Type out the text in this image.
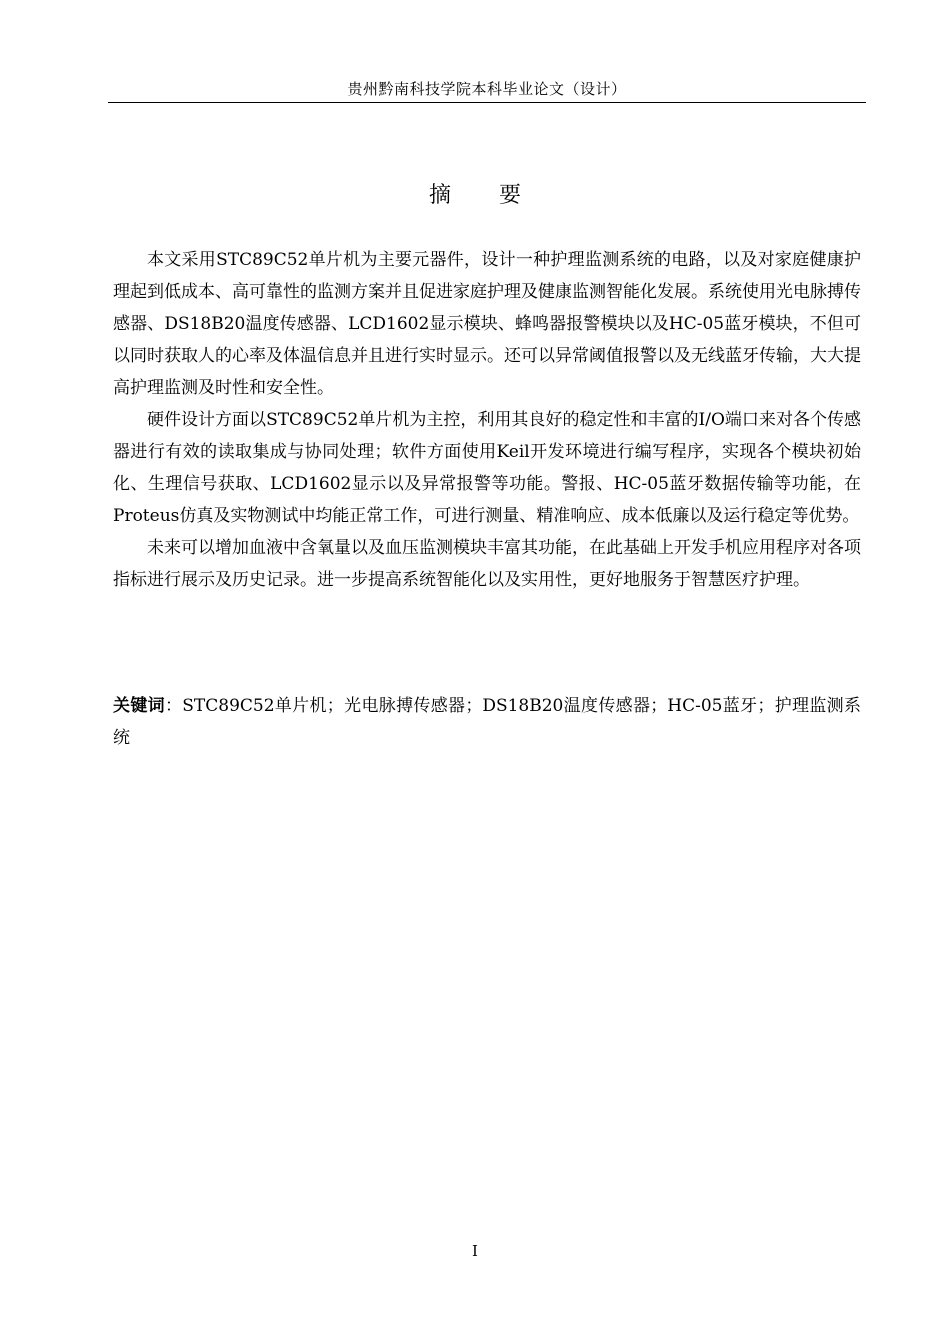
贵州黔南科技学院本科毕业论文（设计）
摘 要

本文采用STC89C52单片机为主要元器件，设计一种护理监测系统的电路，以及对家庭健康护理起到低成本、高可靠性的监测方案并且促进家庭护理及健康监测智能化发展。系统使用光电脉搏传感器、DS18B20温度传感器、LCD1602显示模块、蜂鸣器报警模块以及HC-05蓝牙模块，不但可以同时获取人的心率及体温信息并且进行实时显示。还可以异常阈值报警以及无线蓝牙传输，大大提高护理监测及时性和安全性。

硬件设计方面以STC89C52单片机为主控，利用其良好的稳定性和丰富的I/O端口来对各个传感器进行有效的读取集成与协同处理；软件方面使用Keil开发环境进行编写程序，实现各个模块初始化、生理信号获取、LCD1602显示以及异常报警等功能。警报、HC-05蓝牙数据传输等功能，在Proteus仿真及实物测试中均能正常工作，可进行测量、精准响应、成本低廉以及运行稳定等优势。

未来可以增加血液中含氧量以及血压监测模块丰富其功能，在此基础上开发手机应用程序对各项指标进行展示及历史记录。进一步提高系统智能化以及实用性，更好地服务于智慧医疗护理。

关键词：STC89C52单片机；光电脉搏传感器；DS18B20温度传感器；HC-05蓝牙；护理监测系统
I
